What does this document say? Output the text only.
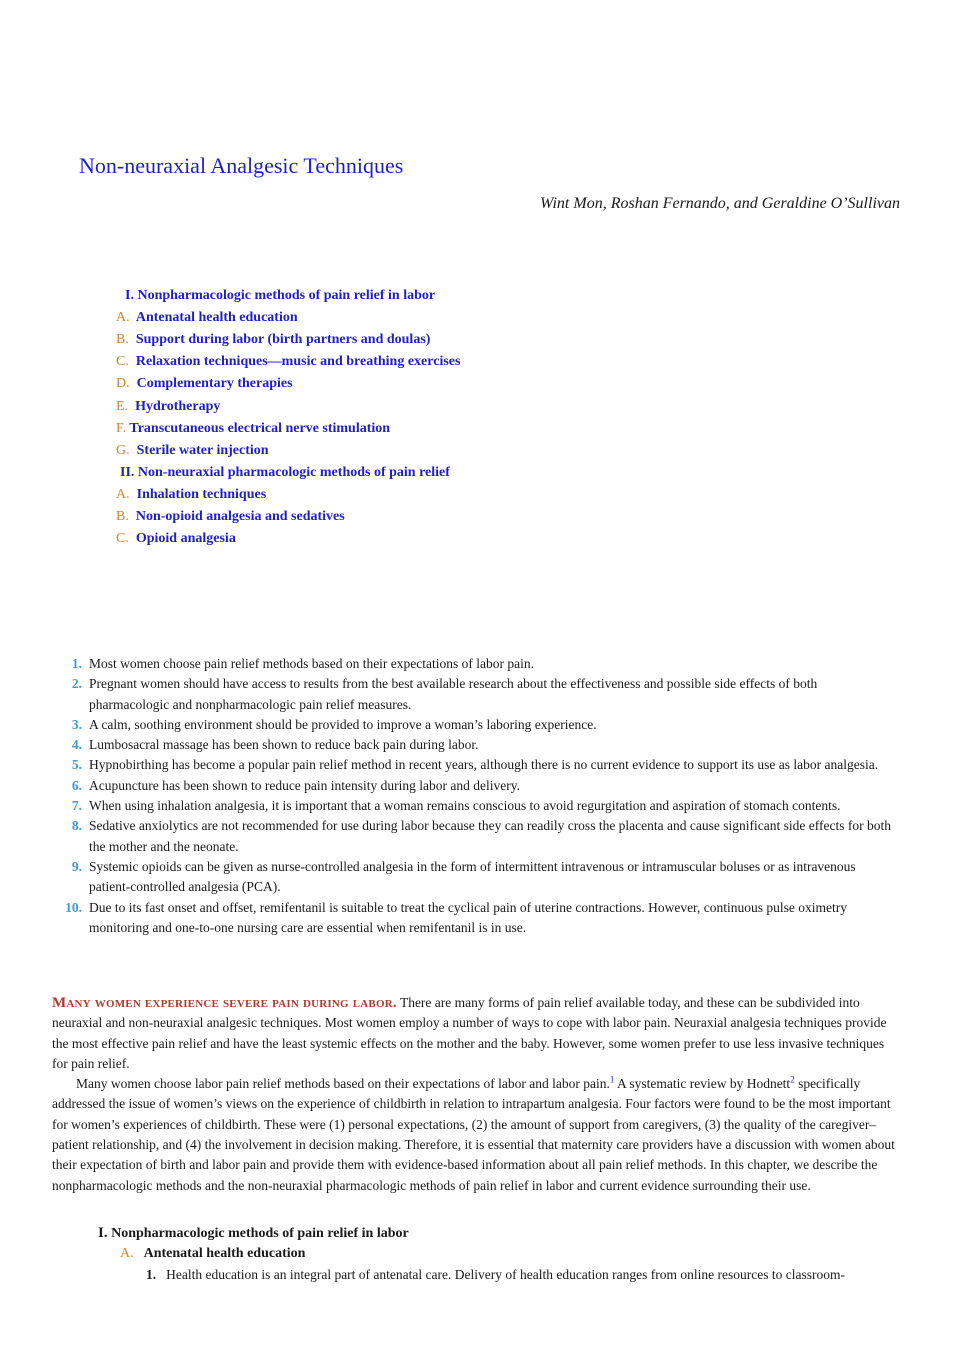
Non-neuraxial Analgesic Techniques
Wint Mon, Roshan Fernando, and Geraldine O’Sullivan
I. Nonpharmacologic methods of pain relief in labor
A. Antenatal health education
B. Support during labor (birth partners and doulas)
C. Relaxation techniques—music and breathing exercises
D. Complementary therapies
E. Hydrotherapy
F. Transcutaneous electrical nerve stimulation
G. Sterile water injection
II. Non-neuraxial pharmacologic methods of pain relief
A. Inhalation techniques
B. Non-opioid analgesia and sedatives
C. Opioid analgesia

1. Most women choose pain relief methods based on their expectations of labor pain.

2. Pregnant women should have access to results from the best available research about the effectiveness and possible side effects of both pharmacologic and nonpharmacologic pain relief measures.

3. A calm, soothing environment should be provided to improve a woman’s laboring experience.

4. Lumbosacral massage has been shown to reduce back pain during labor.

5. Hypnobirthing has become a popular pain relief method in recent years, although there is no current evidence to support its use as labor analgesia.

6. Acupuncture has been shown to reduce pain intensity during labor and delivery.

7. When using inhalation analgesia, it is important that a woman remains conscious to avoid regurgitation and aspiration of stomach contents.

8. Sedative anxiolytics are not recommended for use during labor because they can readily cross the placenta and cause significant side effects for both the mother and the neonate.

9. Systemic opioids can be given as nurse-controlled analgesia in the form of intermittent intravenous or intramuscular boluses or as intravenous patient-controlled analgesia (PCA).

10. Due to its fast onset and offset, remifentanil is suitable to treat the cyclical pain of uterine contractions. However, continuous pulse oximetry monitoring and one-to-one nursing care are essential when remifentanil is in use.

Many women experience severe pain during labor. There are many forms of pain relief available today, and these can be subdivided into neuraxial and non-neuraxial analgesic techniques. Most women employ a number of ways to cope with labor pain. Neuraxial analgesia techniques provide the most effective pain relief and have the least systemic effects on the mother and the baby. However, some women prefer to use less invasive techniques for pain relief.

Many women choose labor pain relief methods based on their expectations of labor and labor pain.$^1$ A systematic review by Hodnett$^2$ specifically addressed the issue of women’s views on the experience of childbirth in relation to intrapartum analgesia. Four factors were found to be the most important for women’s experiences of childbirth. These were (1) personal expectations, (2) the amount of support from caregivers, (3) the quality of the caregiver–patient relationship, and (4) the involvement in decision making. Therefore, it is essential that maternity care providers have a discussion with women about their expectation of birth and labor pain and provide them with evidence-based information about all pain relief methods. In this chapter, we describe the nonpharmacologic methods and the non-neuraxial pharmacologic methods of pain relief in labor and current evidence surrounding their use.

I. Nonpharmacologic methods of pain relief in labor
A. Antenatal health education
1. Health education is an integral part of antenatal care. Delivery of health education ranges from online resources to classroom-
